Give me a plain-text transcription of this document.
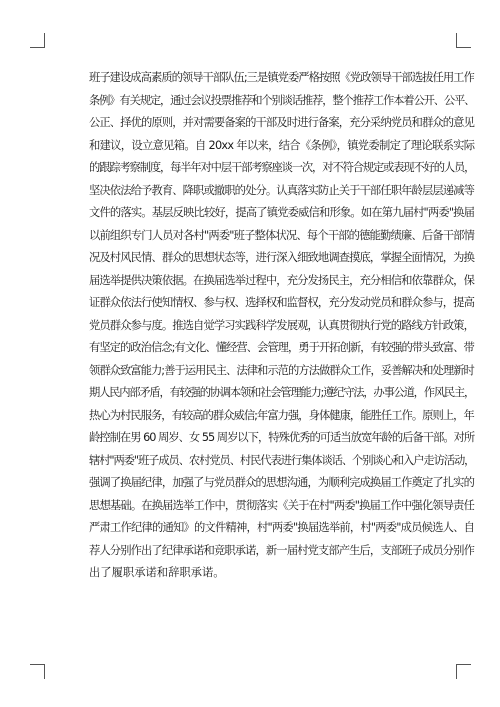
班子建设成高素质的领导干部队伍;三是镇党委严格按照《党政领导干部选拔任用工作
条例》有关规定，通过会议投票推荐和个别谈话推荐，整个推荐工作本着公开、公平、
公正、择优的原则，并对需要备案的干部及时进行备案，充分采纳党员和群众的意见
和建议，设立意见箱。自 20xx 年以来，结合《条例》，镇党委制定了理论联系实际
的跟踪考察制度，每半年对中层干部考察座谈一次，对不符合规定或表现不好的人员，
坚决依法给予教育、降职或撤职的处分。认真落实防止关于干部任职年龄层层递减等
文件的落实。基层反映比较好，提高了镇党委威信和形象。如在第九届村"两委"换届
以前组织专门人员对各村"两委"班子整体状况、每个干部的德能勤绩廉、后备干部情
况及村风民情、群众的思想状态等，进行深入细致地调查摸底，掌握全面情况，为换
届选举提供决策依据。在换届选举过程中，充分发扬民主，充分相信和依靠群众，保
证群众依法行使知情权、参与权、选择权和监督权，充分发动党员和群众参与，提高
党员群众参与度。推选自觉学习实践科学发展观，认真贯彻执行党的路线方针政策，
有坚定的政治信念;有文化、懂经营、会管理，勇于开拓创新，有较强的带头致富、带
领群众致富能力;善于运用民主、法律和示范的方法做群众工作，妥善解决和处理新时
期人民内部矛盾，有较强的协调本领和社会管理能力;遵纪守法，办事公道，作风民主，
热心为村民服务，有较高的群众威信;年富力强，身体健康，能胜任工作。原则上，年
龄控制在男 60 周岁、女 55 周岁以下，特殊优秀的可适当放宽年龄的后备干部。对所
辖村"两委"班子成员、农村党员、村民代表进行集体谈话、个别谈心和入户走访活动，
强调了换届纪律，加强了与党员群众的思想沟通，为顺利完成换届工作奠定了扎实的
思想基础。在换届选举工作中，贯彻落实《关于在村"两委"换届工作中强化领导责任
严肃工作纪律的通知》的文件精神，村"两委"换届选举前，村"两委"成员候选人、自
荐人分别作出了纪律承诺和竞职承诺，新一届村党支部产生后，支部班子成员分别作
出了履职承诺和辞职承诺。
